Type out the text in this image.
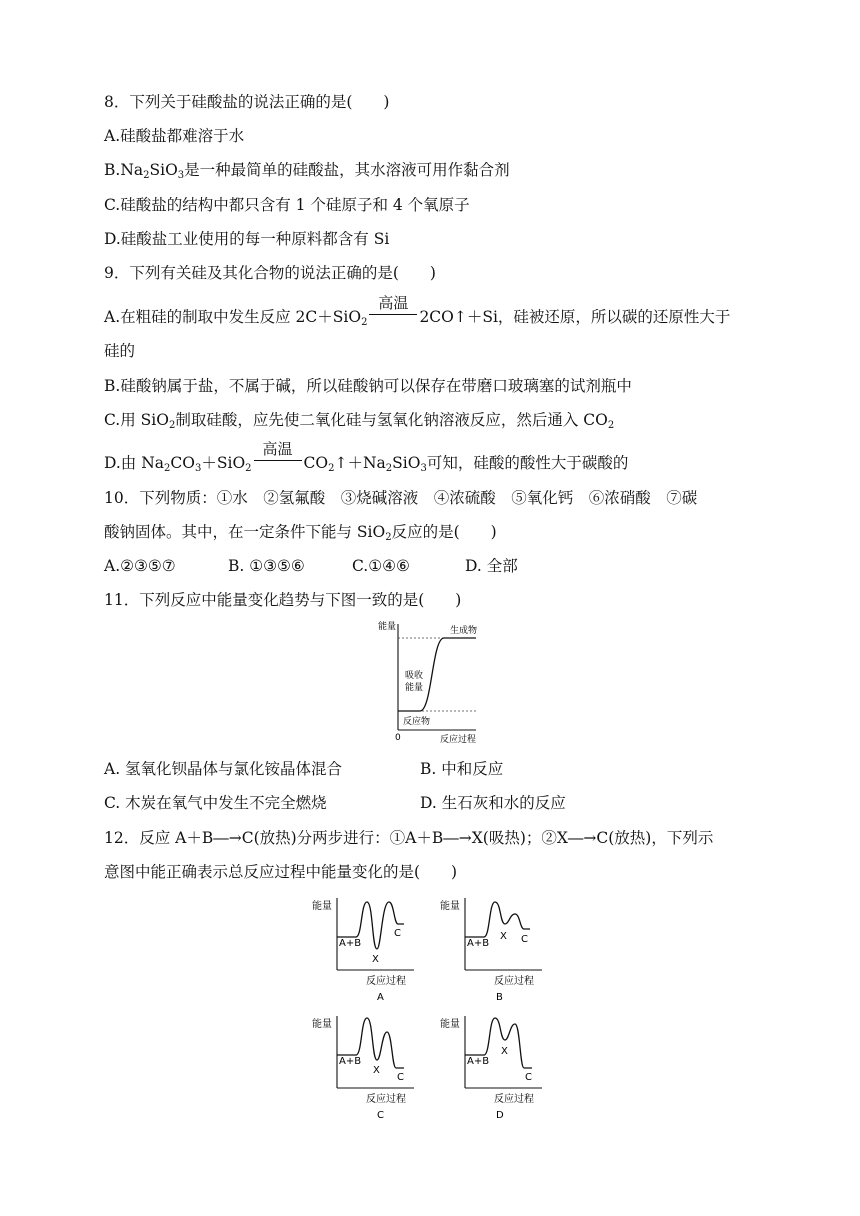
8．下列关于硅酸盐的说法正确的是(　　)
A.硅酸盐都难溶于水
$B.Na_2SiO_3$是一种最简单的硅酸盐，其水溶液可用作黏合剂
C.硅酸盐的结构中都只含有 1 个硅原子和 4 个氧原子
D.硅酸盐工业使用的每一种原料都含有 Si
9．下列有关硅及其化合物的说法正确的是(　　)
A.在粗硅的制取中发生反应 2C＋SiO$_2$
高温
2CO↑＋Si，硅被还原，所以碳的还原性大于
硅的
B.硅酸钠属于盐，不属于碱，所以硅酸钠可以保存在带磨口玻璃塞的试剂瓶中
C.用 SiO$_2$制取硅酸，应先使二氧化硅与氢氧化钠溶液反应，然后通入 $CO_2$
D.由 $Na_2CO_3+SiO_2$
高温
$CO_2↑+Na_2SiO_3$可知，硅酸的酸性大于碳酸的
10．下列物质：①水　②氢氟酸　③烧碱溶液　④浓硫酸　⑤氧化钙　⑥浓硝酸　⑦碳
酸钠固体。其中，在一定条件下能与 SiO$_2$反应的是(　　)
A.②③⑤⑦	B. ①③⑤⑥	C.①④⑥	D. 全部
11．下列反应中能量变化趋势与下图一致的是(　　)
能量	生成物
反应物
吸收
能量
0	反应过程
A. 氢氧化钡晶体与氯化铵晶体混合	B. 中和反应
C. 木炭在氧气中发生不完全燃烧	D. 生石灰和水的反应
12．反应 A＋B―→C(放热)分两步进行：①A＋B―→X(吸热)；②X―→C(放热)，下列示
意图中能正确表示总反应过程中能量变化的是(　　)
能量
A+B
X
C
反应过程
A
能量
A+B
X C
反应过程
B
能量
A+B
X
C
反应过程
C
能量
A+B
X
C
反应过程
D
